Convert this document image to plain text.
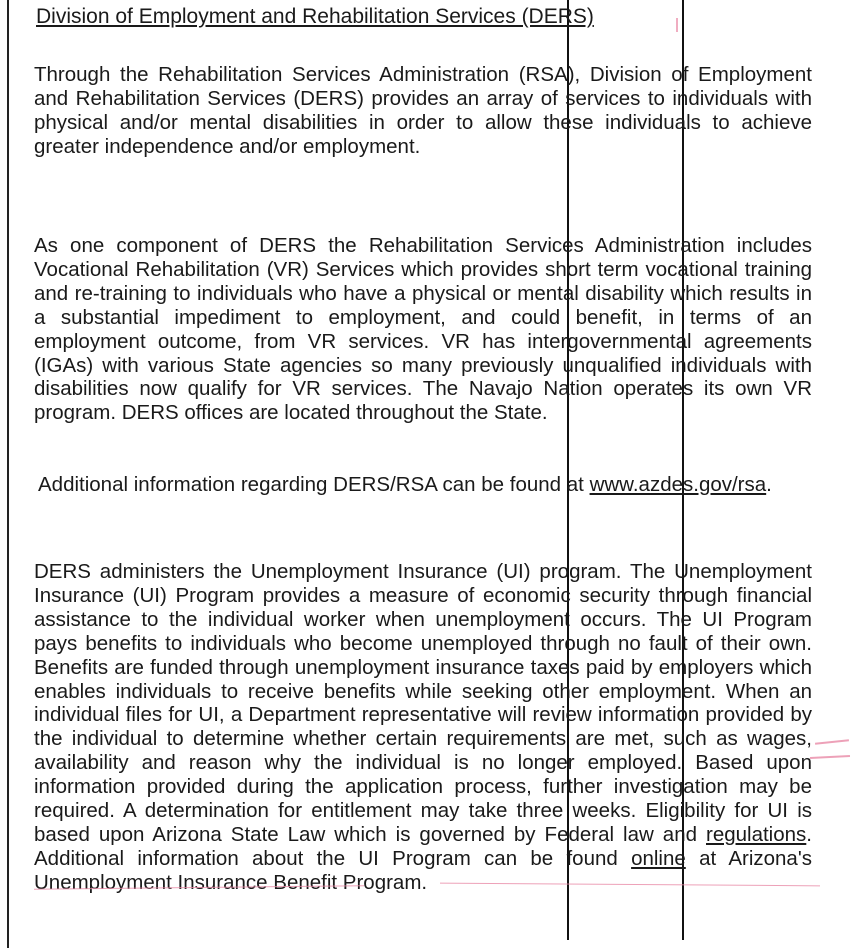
Division of Employment and Rehabilitation Services (DERS)
Through the Rehabilitation Services Administration (RSA), Division of Employment and Rehabilitation Services (DERS) provides an array of services to individuals with physical and/or mental disabilities in order to allow these individuals to achieve greater independence and/or employment.
As one component of DERS the Rehabilitation Services Administration includes Vocational Rehabilitation (VR) Services which provides short term vocational training and re-training to individuals who have a physical or mental disability which results in a substantial impediment to employment, and could benefit, in terms of an employment outcome, from VR services. VR has intergovernmental agreements (IGAs) with various State agencies so many previously unqualified individuals with disabilities now qualify for VR services. The Navajo Nation operates its own VR program. DERS offices are located throughout the State.
Additional information regarding DERS/RSA can be found at www.azdes.gov/rsa.
DERS administers the Unemployment Insurance (UI) program. The Unemployment Insurance (UI) Program provides a measure of economic security through financial assistance to the individual worker when unemployment occurs. The UI Program pays benefits to individuals who become unemployed through no fault of their own. Benefits are funded through unemployment insurance taxes paid by employers which enables individuals to receive benefits while seeking other employment. When an individual files for UI, a Department representative will review information provided by the individual to determine whether certain requirements are met, such as wages, availability and reason why the individual is no longer employed. Based upon information provided during the application process, further investigation may be required. A determination for entitlement may take three weeks. Eligibility for UI is based upon Arizona State Law which is governed by Federal law and regulations. Additional information about the UI Program can be found online at Arizona's Unemployment Insurance Benefit Program.
